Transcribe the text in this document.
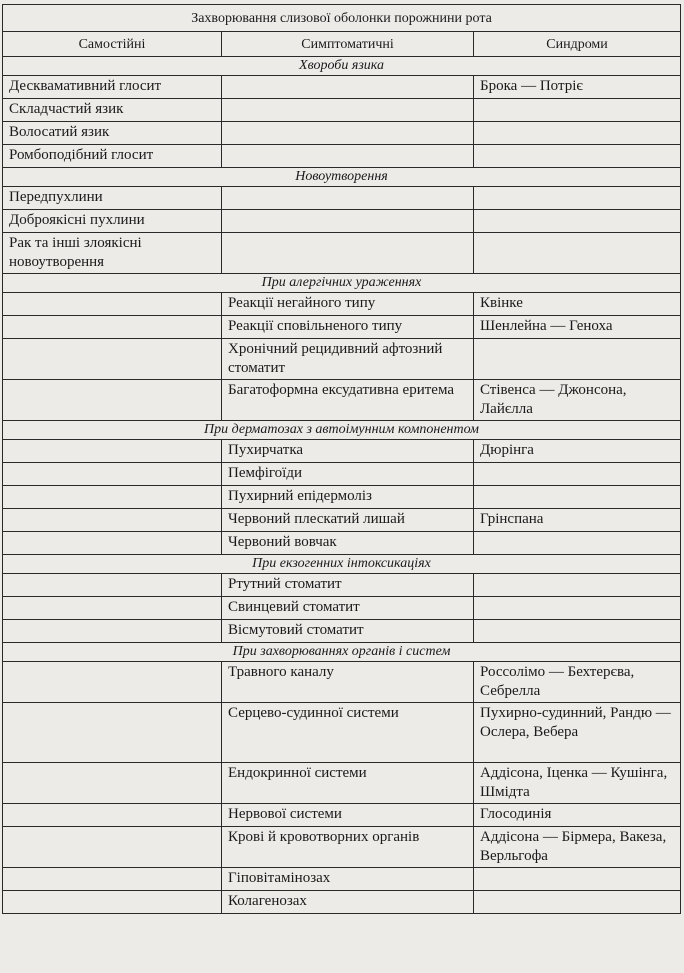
Захворювання слизової оболонки порожнини рота		
Самостійні	Симптоматичні	Синдроми
Хвороби язика		
Десквамативний глосит		Брока — Потріє
Складчастий язик		
Волосатий язик		
Ромбоподібний глосит		
Новоутворення		
Передпухлини		
Доброякісні пухлини		
Рак та інші злоякісні новоутворення		
При алергічних ураженнях		
	Реакції негайного типу	Квінке
	Реакції сповільненого типу	Шенлейна — Геноха
	Хронічний рецидивний афтозний стоматит	
	Багатоформна ексудативна еритема	Стівенса — Джонсона, Лайєлла
При дерматозах з автоімунним компонентом		
	Пухирчатка	Дюрінга
	Пемфігоїди	
	Пухирний епідермоліз	
	Червоний плескатий лишай	Грінспана
	Червоний вовчак	
При екзогенних інтоксикаціях		
	Ртутний стоматит	
	Свинцевий стоматит	
	Вісмутовий стоматит	
При захворюваннях органів і систем		
	Травного каналу	Россолімо — Бехтерєва, Себрелла
	Серцево-судинної системи	Пухирно-судинний, Рандю — Ослера, Вебера
	Ендокринної системи	Аддісона, Іценка — Кушінга, Шмідта
	Нервової системи	Глосодинія
	Крові й кровотворних органів	Аддісона — Бірмера, Вакеза, Верльгофа
	Гіповітамінозах	
	Колагенозах	
